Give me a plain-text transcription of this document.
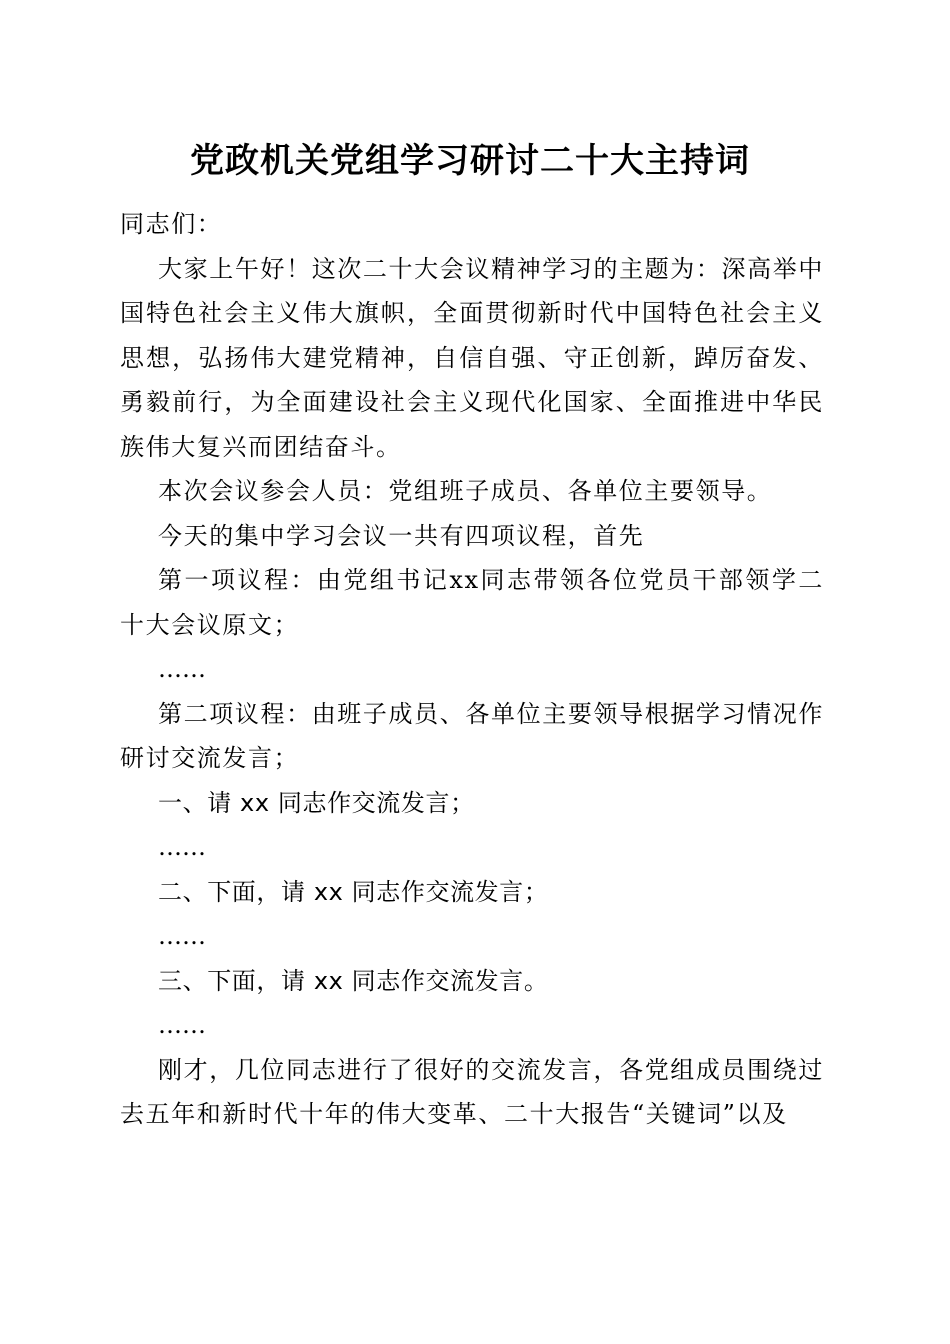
党政机关党组学习研讨二十大主持词

同志们：

大家上午好！这次二十大会议精神学习的主题为：深高举中国特色社会主义伟大旗帜，全面贯彻新时代中国特色社会主义思想，弘扬伟大建党精神，自信自强、守正创新，踔厉奋发、勇毅前行，为全面建设社会主义现代化国家、全面推进中华民族伟大复兴而团结奋斗。

本次会议参会人员：党组班子成员、各单位主要领导。

今天的集中学习会议一共有四项议程，首先

第一项议程：由党组书记xx同志带领各位党员干部领学二十大会议原文；

……

第二项议程：由班子成员、各单位主要领导根据学习情况作研讨交流发言；

一、请 xx 同志作交流发言；

……

二、下面，请 xx 同志作交流发言；

……

三、下面，请 xx 同志作交流发言。

……

刚才，几位同志进行了很好的交流发言，各党组成员围绕过去五年和新时代十年的伟大变革、二十大报告“关键词”以及
